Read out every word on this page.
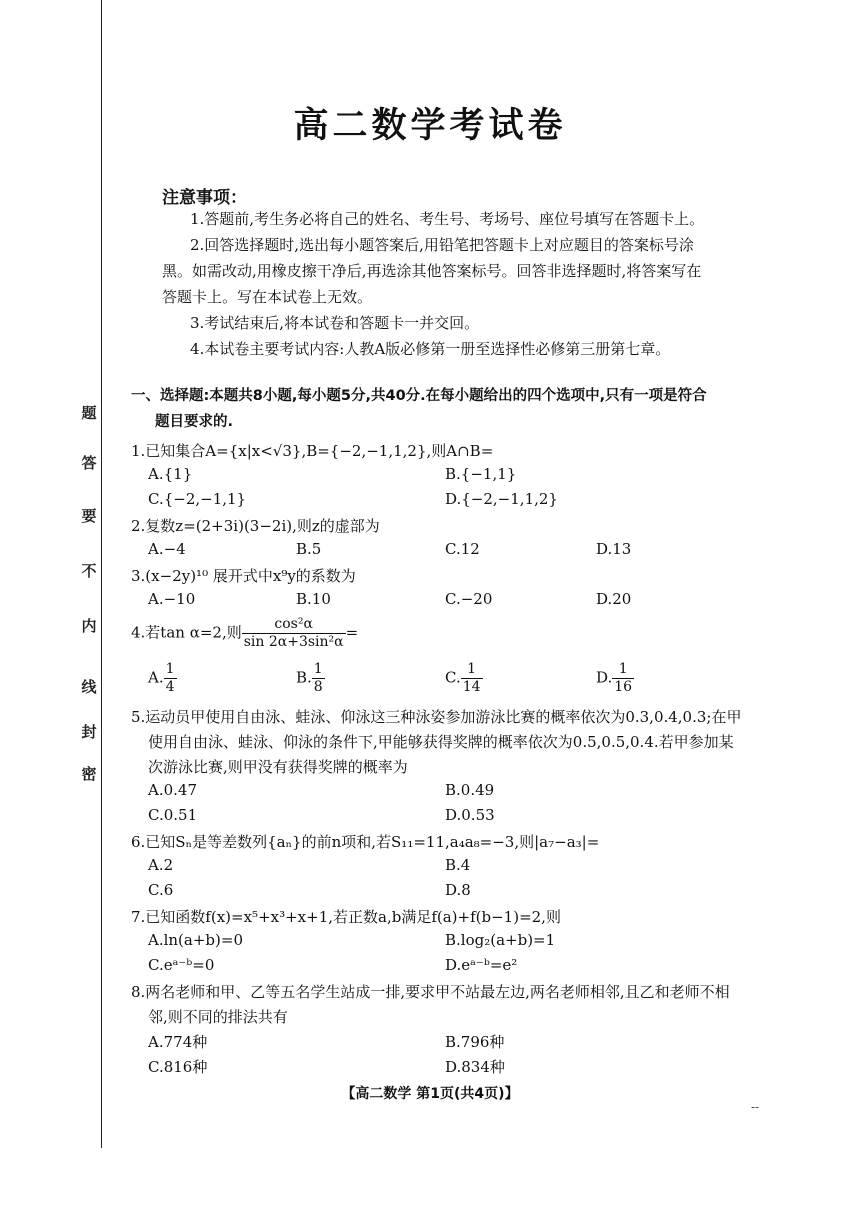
题
答
要
不
内
线
封
密
高二数学考试卷
注意事项：
1.答题前,考生务必将自己的姓名、考生号、考场号、座位号填写在答题卡上。
2.回答选择题时,选出每小题答案后,用铅笔把答题卡上对应题目的答案标号涂
黑。如需改动,用橡皮擦干净后,再选涂其他答案标号。回答非选择题时,将答案写在
答题卡上。写在本试卷上无效。
3.考试结束后,将本试卷和答题卡一并交回。
4.本试卷主要考试内容:人教A版必修第一册至选择性必修第三册第七章。
一、选择题:本题共8小题,每小题5分,共40分.在每小题给出的四个选项中,只有一项是符合
题目要求的.
1.已知集合A={x|x<√3},B={−2,−1,1,2},则A∩B=
A.{1}	B.{−1,1}
C.{−2,−1,1}	D.{−2,−1,1,2}
2.复数z=(2+3i)(3−2i),则z的虚部为
A.−4	B.5	C.12	D.13
3.(x−2y)¹⁰ 展开式中x⁹y的系数为
A.−10	B.10	C.−20	D.20
4.若tan α=2,则 $\frac{\text{cos²α}}{\text{sin 2α+3sin²α}}$ =
A. $\frac{1}{4}$	B. $\frac{1}{8}$	C. $\frac{1}{14}$	D. $\frac{1}{16}$
5.运动员甲使用自由泳、蛙泳、仰泳这三种泳姿参加游泳比赛的概率依次为0.3,0.4,0.3;在甲
使用自由泳、蛙泳、仰泳的条件下,甲能够获得奖牌的概率依次为0.5,0.5,0.4.若甲参加某
次游泳比赛,则甲没有获得奖牌的概率为
A.0.47	B.0.49
C.0.51	D.0.53
6.已知Sₙ是等差数列{aₙ}的前n项和,若S₁₁=11,a₄a₈=−3,则|a₇−a₃|=
A.2	B.4
C.6	D.8
7.已知函数f(x)=x⁵+x³+x+1,若正数a,b满足f(a)+f(b−1)=2,则
A.ln(a+b)=0	B.log₂(a+b)=1
C.eᵃ⁻ᵇ=0	D.eᵃ⁻ᵇ=e²
8.两名老师和甲、乙等五名学生站成一排,要求甲不站最左边,两名老师相邻,且乙和老师不相
邻,则不同的排法共有
A.774种	B.796种
C.816种	D.834种
【高二数学 第1页(共4页)】
--
